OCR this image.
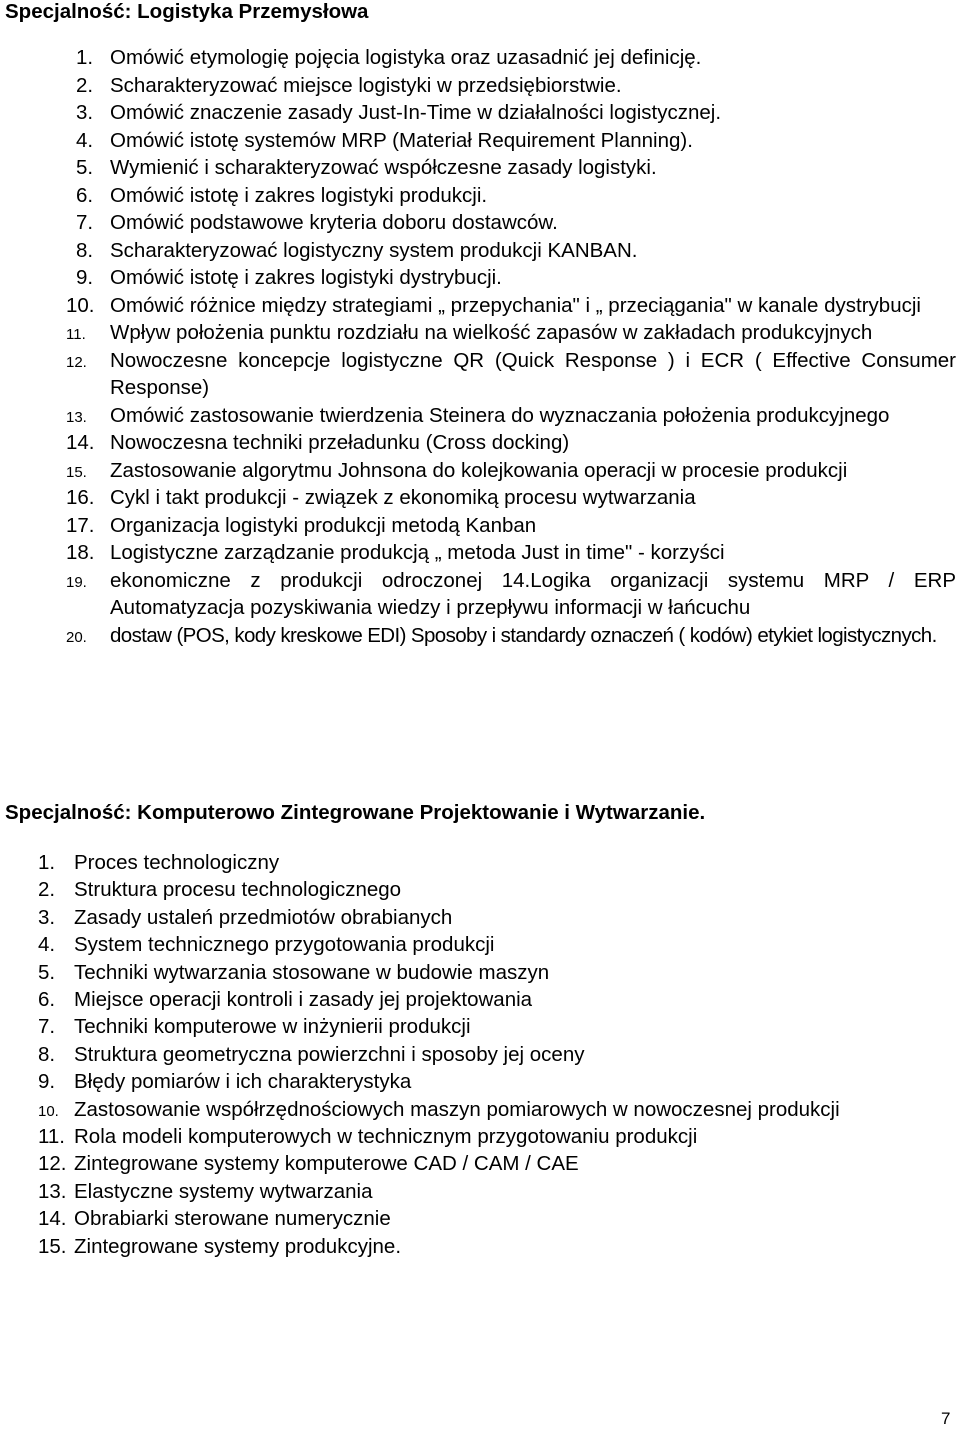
Specjalność: Logistyka Przemysłowa
1. Omówić etymologię pojęcia logistyka oraz uzasadnić jej definicję.
2. Scharakteryzować miejsce logistyki w przedsiębiorstwie.
3. Omówić znaczenie zasady Just-In-Time w działalności logistycznej.
4. Omówić istotę systemów MRP (Materiał Requirement Planning).
5. Wymienić i scharakteryzować współczesne zasady logistyki.
6. Omówić istotę i zakres logistyki produkcji.
7. Omówić podstawowe kryteria doboru dostawców.
8. Scharakteryzować logistyczny system produkcji KANBAN.
9. Omówić istotę i zakres logistyki dystrybucji.
10. Omówić różnice między strategiami „ przepychania" i „ przeciągania" w kanale dystrybucji
11. Wpływ położenia punktu rozdziału na wielkość zapasów w zakładach produkcyjnych
12. Nowoczesne koncepcje logistyczne QR (Quick Response ) i ECR ( Effective Consumer Response)
13. Omówić zastosowanie twierdzenia Steinera do wyznaczania położenia produkcyjnego
14. Nowoczesna techniki przeładunku (Cross docking)
15. Zastosowanie algorytmu Johnsona do kolejkowania operacji w procesie produkcji
16. Cykl i takt produkcji - związek z ekonomiką procesu wytwarzania
17. Organizacja logistyki produkcji metodą Kanban
18. Logistyczne zarządzanie produkcją „ metoda Just in time" - korzyści
19. ekonomiczne z produkcji odroczonej 14.Logika organizacji systemu MRP / ERP Automatyzacja pozyskiwania wiedzy i przepływu informacji w łańcuchu
20. dostaw (POS, kody kreskowe EDI) Sposoby i standardy oznaczeń ( kodów) etykiet logistycznych.
Specjalność: Komputerowo Zintegrowane Projektowanie i Wytwarzanie.
1. Proces technologiczny
2. Struktura procesu technologicznego
3. Zasady ustaleń przedmiotów obrabianych
4. System technicznego przygotowania produkcji
5. Techniki wytwarzania stosowane w budowie maszyn
6. Miejsce operacji kontroli i zasady jej projektowania
7. Techniki komputerowe w inżynierii produkcji
8. Struktura geometryczna powierzchni i sposoby jej oceny
9. Błędy pomiarów i ich charakterystyka
10. Zastosowanie współrzędnościowych maszyn pomiarowych w nowoczesnej produkcji
11. Rola modeli komputerowych w technicznym przygotowaniu produkcji
12. Zintegrowane systemy komputerowe CAD / CAM / CAE
13. Elastyczne systemy wytwarzania
14. Obrabiarki sterowane numerycznie
15. Zintegrowane systemy produkcyjne.
7
